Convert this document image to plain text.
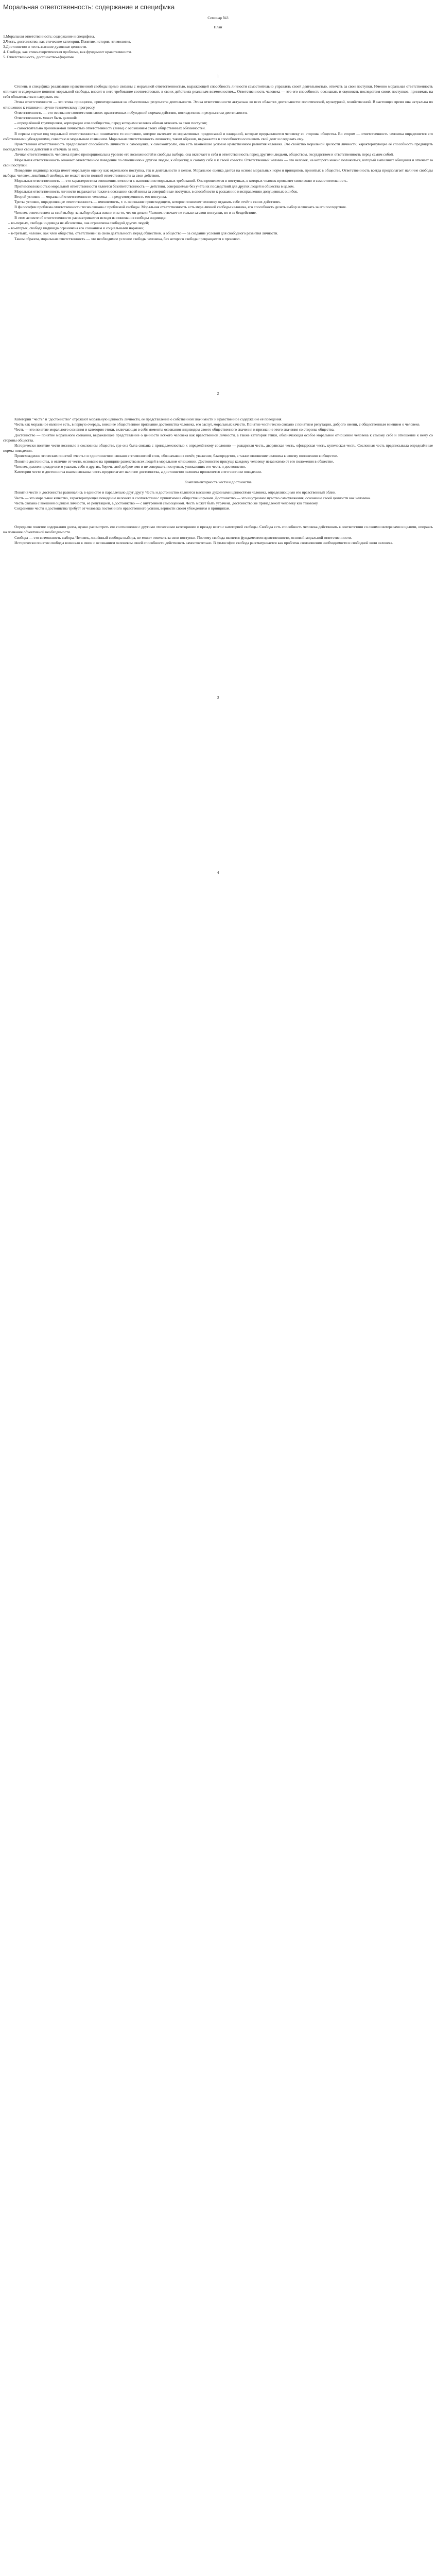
Моральная ответственность: содержание и специфика

Семинар №3

План

1.Моральная ответственность: содержание и специфика.

2.Честь, достоинство, как этические категории. Понятие, история, этимология.

3.Достоинство и честь-высшие духовные ценности.

4. Свобода, как этико-теоретическая проблема, как фундамент нравственности.

5. Ответственность, достоинство-афоризмы

1

Степень и специфика реализации нравственной свободы прямо связаны с моральной ответственностью, выражающей способность личности самостоятельно управлять своей деятельностью, отвечать за свои поступки. Именно моральная ответственность отличает и содержание понятия моральной свободы, вносит в него требование соответствовать в своих действиях реальным возможностям... Ответственность человека — это его способность осознавать и оценивать последствия своих поступков, принимать на себя обязательства и следовать им.

Этика ответственности — это этика принципов, ориентированная на объективные результаты деятельности. Этика ответственности актуальна во всех областях деятельности: политической, культурной, хозяйственной. В настоящее время она актуальна по отношению к технике и научно-техническому прогрессу.

Ответственность — это осознание соответствия своих нравственных побуждений нормам действия, последствиям и результатам деятельности.

Ответственность может быть деловой:

– определённой группировки, корпорации или сообщества, перед которыми человек обязан отвечать за свои поступки;

– самостоятельно принимаемой личностью ответственность (вины) с осознанием своих общественных обязанностей.

В первом случае под моральной ответственностью понимается то состояние, которое вытекает из нормативных предписаний и ожиданий, которые предъявляются человеку со стороны общества. Во втором — ответственность человека определяется его собственными убеждениями, совестью и моральным сознанием. Моральная ответственность личности, таким образом, выражается в способности осознавать свой долг и следовать ему.

Нравственная ответственность предполагает способность личности к самооценке, к самоконтролю, она есть важнейшее условие нравственного развития человека. Это свойство моральной зрелости личности, характеризующее её способность предвидеть последствия своих действий и отвечать за них.

Личная ответственность человека прямо пропорциональна уровню его возможностей и свободы выбора, она включает в себя и ответственность перед другими людьми, обществом, государством и ответственность перед самим собой.

Моральная ответственность означает ответственное поведение по отношению к другим людям, к обществу, к самому себе и к своей совести. Ответственный человек — это человек, на которого можно положиться, который выполняет обещания и отвечает за свои поступки.

Поведение индивида всегда имеет моральную оценку как отдельного поступка, так и деятельности в целом. Моральное оценка дается на основе моральных норм и принципов, принятых в обществе. Ответственность всегда предполагает наличие свободы выбора: человек, лишённый свободы, не может нести полной ответственности за свои действия.

Моральная ответственность — это характеристика отношения личности к выполнению моральных требований. Она проявляется в поступках, в которых человек проявляет свою волю и самостоятельность.

Противоположностью моральной ответственности является безответственность — действия, совершаемые без учёта их последствий для других людей и общества в целом.

Моральная ответственность личности выражается также в осознании своей вины за совершённые поступки, в способности к раскаянию и исправлению допущенных ошибок.

Второй условие — моральной ответственности человека — предусмотренность его поступка.

Третье условие, определяющее ответственность — вменяемость, т. е. осознание происходящего, которое позволяет человеку отдавать себе отчёт в своих действиях.

В философии проблема ответственности тесно связана с проблемой свободы. Моральная ответственность есть мера личной свободы человека, его способность делать выбор и отвечать за его последствия.

Человек ответственен за свой выбор, за выбор образа жизни и за то, что он делает. Человек отвечает не только за свои поступки, но и за бездействие.

В этом аспекте об ответственности рассматривается исходя из понимания свободы индивида:

– во-первых, свобода индивида не абсолютна, она ограничена свободой других людей;

– во-вторых, свобода индивида ограничена его сознанием и социальными нормами;

– в-третьих, человек, как член общества, ответственен за свою деятельность перед обществом, а общество — за создание условий для свободного развития личности.

Таким образом, моральная ответственность — это необходимое условие свободы человека, без которого свобода превращается в произвол.

2

Категории "честь" и "достоинство" отражают моральную ценность личности, ее представление о собственной значимости и нравственное содержание её поведения.

Честь как моральное явление есть, в первую очередь, внешнее общественное признание достоинства человека, его заслуг, моральных качеств. Понятие чести тесно связано с понятием репутации, доброго имени, с общественным мнением о человеке.

Честь — это понятие морального сознания и категория этики, включающая в себя моменты осознания индивидом своего общественного значения и признание этого значения со стороны общества.

Достоинство — понятие морального сознания, выражающее представление о ценности всякого человека как нравственной личности, а также категория этики, обозначающая особое моральное отношение человека к самому себе и отношение к нему со стороны общества.

Исторически понятие чести возникло в сословном обществе, где она была связана с принадлежностью к определённому сословию — рыцарская честь, дворянская честь, офицерская честь, купеческая честь. Сословная честь предписывала определённые нормы поведения.

Происхождение этических понятий «честь» и «достоинство» связано с этимологией слов, обозначавших почёт, уважение, благородство, а также отношение человека к своему положению в обществе.

Понятие достоинства, в отличие от чести, основано на принципе равенства всех людей в моральном отношении. Достоинство присуще каждому человеку независимо от его положения в обществе.

Человек должен прежде всего уважать себя и других, беречь своё доброе имя и не совершать поступков, унижающих его честь и достоинство.

Категории чести и достоинства взаимосвязаны: честь предполагает наличие достоинства, а достоинство человека проявляется в его честном поведении.

Комплиментарность чести и достоинства

Понятия чести и достоинства развивались в единстве и параллельно друг другу. Честь и достоинство являются высшими духовными ценностями человека, определяющими его нравственный облик.

Честь — это моральное качество, характеризующее поведение человека в соответствии с принятыми в обществе нормами. Достоинство — это внутреннее чувство самоуважения, осознание своей ценности как человека.

Честь связана с внешней оценкой личности, её репутацией, а достоинство — с внутренней самооценкой. Честь может быть утрачена, достоинство же принадлежит человеку как таковому.

Сохранение чести и достоинства требует от человека постоянного нравственного усилия, верности своим убеждениям и принципам.

Определяя понятие содержания долга, нужно рассмотреть его соотношение с другими этическими категориями и прежде всего с категорией свободы. Свобода есть способность человека действовать в соответствии со своими интересами и целями, опираясь на познание объективной необходимости.

Свобода — это возможность выбора. Человек, лишённый свободы выбора, не может отвечать за свои поступки. Поэтому свобода является фундаментом нравственности, основой моральной ответственности.

Исторически понятие свободы возникло в связи с осознанием человеком своей способности действовать самостоятельно. В философии свобода рассматривается как проблема соотношения необходимости и свободной воли человека.

3

4
